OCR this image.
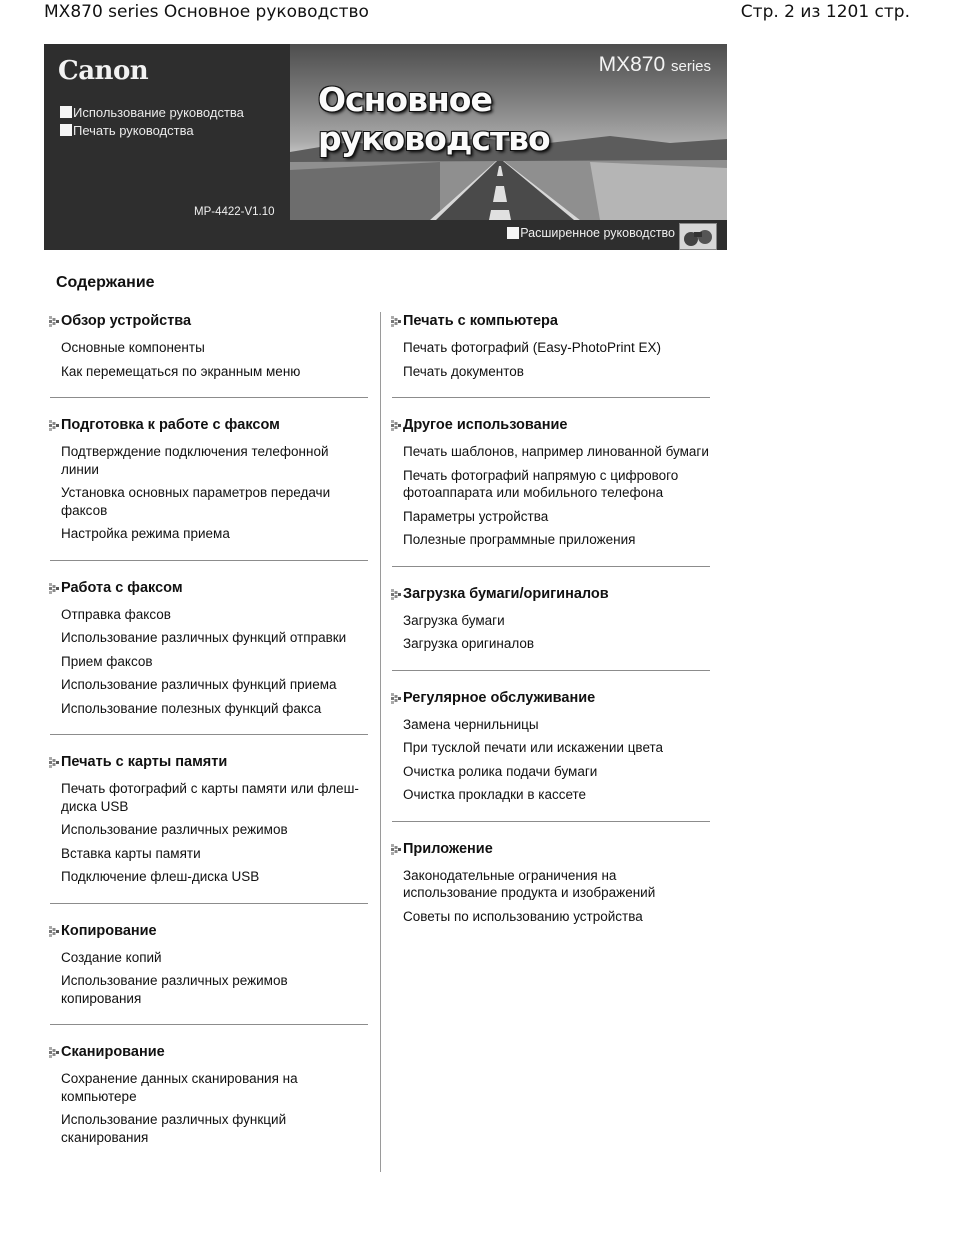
MX870 series Основное руководство	Стр. 2 из 1201 стр.
Canon
Использование руководства
Печать руководства
MP-4422-V1.10
MX870 series
Основное руководство
Расширенное руководство
Содержание
Обзор устройства
Основные компоненты
Как перемещаться по экранным меню
Подготовка к работе с факсом
Подтверждение подключения телефонной линии
Установка основных параметров передачи факсов
Настройка режима приема
Работа с факсом
Отправка факсов
Использование различных функций отправки
Прием факсов
Использование различных функций приема
Использование полезных функций факса
Печать с карты памяти
Печать фотографий с карты памяти или флеш-диска USB
Использование различных режимов
Вставка карты памяти
Подключение флеш-диска USB
Копирование
Создание копий
Использование различных режимов копирования
Сканирование
Сохранение данных сканирования на компьютере
Использование различных функций сканирования
Печать с компьютера
Печать фотографий (Easy-PhotoPrint EX)
Печать документов
Другое использование
Печать шаблонов, например линованной бумаги
Печать фотографий напрямую с цифрового фотоаппарата или мобильного телефона
Параметры устройства
Полезные программные приложения
Загрузка бумаги/оригиналов
Загрузка бумаги
Загрузка оригиналов
Регулярное обслуживание
Замена чернильницы
При тусклой печати или искажении цвета
Очистка ролика подачи бумаги
Очистка прокладки в кассете
Приложение
Законодательные ограничения на использование продукта и изображений
Советы по использованию устройства
